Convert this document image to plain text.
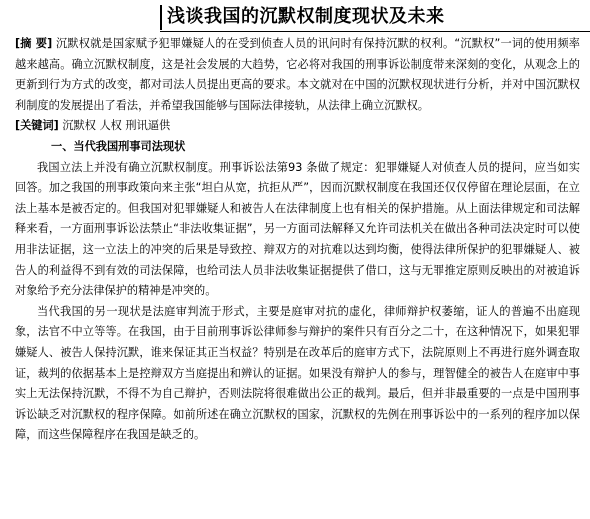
浅谈我国的沉默权制度现状及未来

[摘 要] 沉默权就是国家赋予犯罪嫌疑人的在受到侦查人员的讯问时有保持沉默的权利。“沉默权”一词的使用频率越来越高。确立沉默权制度，这是社会发展的大趋势，它必将对我国的刑事诉讼制度带来深刻的变化，从观念上的更新到行为方式的改变，都对司法人员提出更高的要求。本文就对在中国的沉默权现状进行分析，并对中国沉默权利制度的发展提出了看法，并希望我国能够与国际法律接轨，从法律上确立沉默权。

[关键词] 沉默权 人权 刑讯逼供

一、当代我国刑事司法现状

我国立法上并没有确立沉默权制度。刑事诉讼法第93 条做了规定：犯罪嫌疑人对侦查人员的提问，应当如实回答。加之我国的刑事政策向来主张“坦白从宽，抗拒从严”，因而沉默权制度在我国还仅仅停留在理论层面，在立法上基本是被否定的。但我国对犯罪嫌疑人和被告人在法律制度上也有相关的保护措施。从上面法律规定和司法解释来看，一方面刑事诉讼法禁止“非法收集证据”，另一方面司法解释又允许司法机关在做出各种司法决定时可以使用非法证据，这一立法上的冲突的后果是导致控、辩双方的对抗难以达到均衡，使得法律所保护的犯罪嫌疑人、被告人的利益得不到有效的司法保障，也给司法人员非法收集证据提供了借口，这与无罪推定原则反映出的对被追诉对象给予充分法律保护的精神是冲突的。

当代我国的另一现状是法庭审判流于形式，主要是庭审对抗的虚化，律师辩护权萎缩，证人的普遍不出庭现象，法官不中立等等。在我国，由于目前刑事诉讼律师参与辩护的案件只有百分之二十，在这种情况下，如果犯罪嫌疑人、被告人保持沉默，谁来保证其正当权益？特别是在改革后的庭审方式下，法院原则上不再进行庭外调查取证，裁判的依据基本上是控辩双方当庭提出和辨认的证据。如果没有辩护人的参与，理智健全的被告人在庭审中事实上无法保持沉默，不得不为自己辩护，否则法院将很难做出公正的裁判。最后，但并非最重要的一点是中国刑事诉讼缺乏对沉默权的程序保障。如前所述在确立沉默权的国家，沉默权的先例在刑事诉讼中的一系列的程序加以保障，而这些保障程序在我国是缺乏的。
